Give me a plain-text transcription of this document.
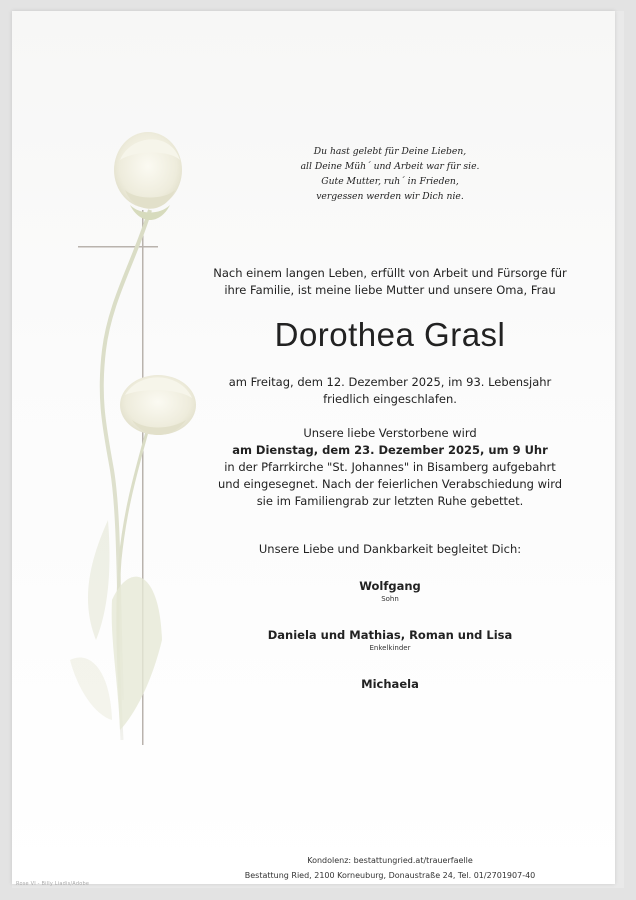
Du hast gelebt für Deine Lieben,
all Deine Müh´ und Arbeit war für sie.
Gute Mutter, ruh´ in Frieden,
vergessen werden wir Dich nie.
Nach einem langen Leben, erfüllt von Arbeit und Fürsorge für
ihre Familie, ist meine liebe Mutter und unsere Oma, Frau
Dorothea Grasl
am Freitag, dem 12. Dezember 2025, im 93. Lebensjahr
friedlich eingeschlafen.
Unsere liebe Verstorbene wird
am Dienstag, dem 23. Dezember 2025, um 9 Uhr
in der Pfarrkirche "St. Johannes" in Bisamberg aufgebahrt
und eingesegnet. Nach der feierlichen Verabschiedung wird
sie im Familiengrab zur letzten Ruhe gebettet.
Unsere Liebe und Dankbarkeit begleitet Dich:
Wolfgang
Sohn
Daniela und Mathias, Roman und Lisa
Enkelkinder
Michaela
Kondolenz: bestattungried.at/trauerfaelle
Bestattung Ried, 2100 Korneuburg, Donaustraße 24, Tel. 01/2701907-40
Rose VI - Billy Liadis/Adobe
